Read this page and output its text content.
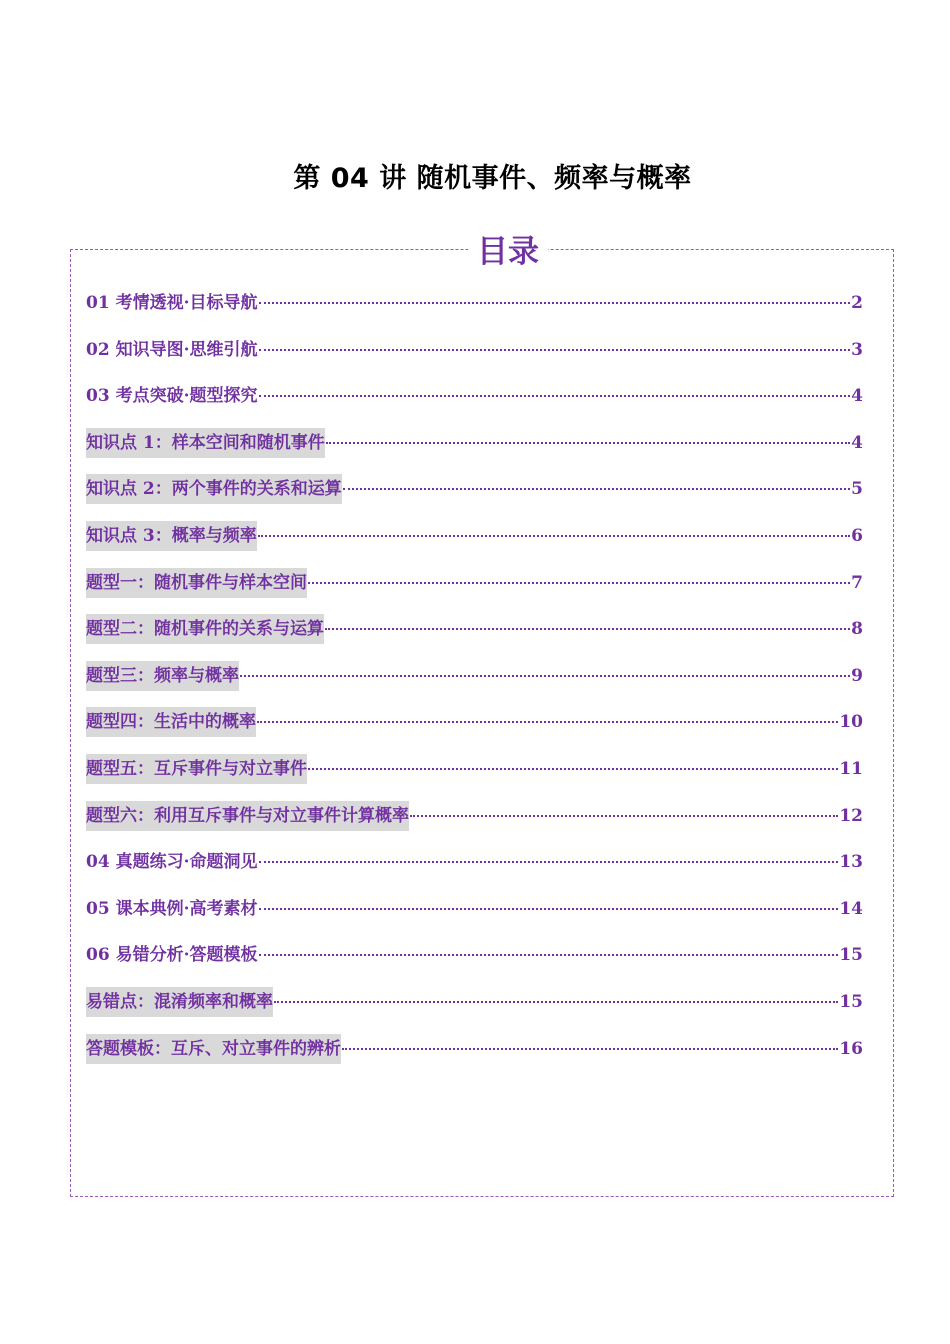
第 04 讲 随机事件、频率与概率
目录
01 考情透视·目标导航	2
02 知识导图·思维引航	3
03 考点突破·题型探究	4
知识点 1：样本空间和随机事件	4
知识点 2：两个事件的关系和运算	5
知识点 3：概率与频率	6
题型一：随机事件与样本空间	7
题型二：随机事件的关系与运算	8
题型三：频率与概率	9
题型四：生活中的概率	10
题型五：互斥事件与对立事件	11
题型六：利用互斥事件与对立事件计算概率	12
04 真题练习·命题洞见	13
05 课本典例·高考素材	14
06 易错分析·答题模板	15
易错点：混淆频率和概率	15
答题模板：互斥、对立事件的辨析	16
